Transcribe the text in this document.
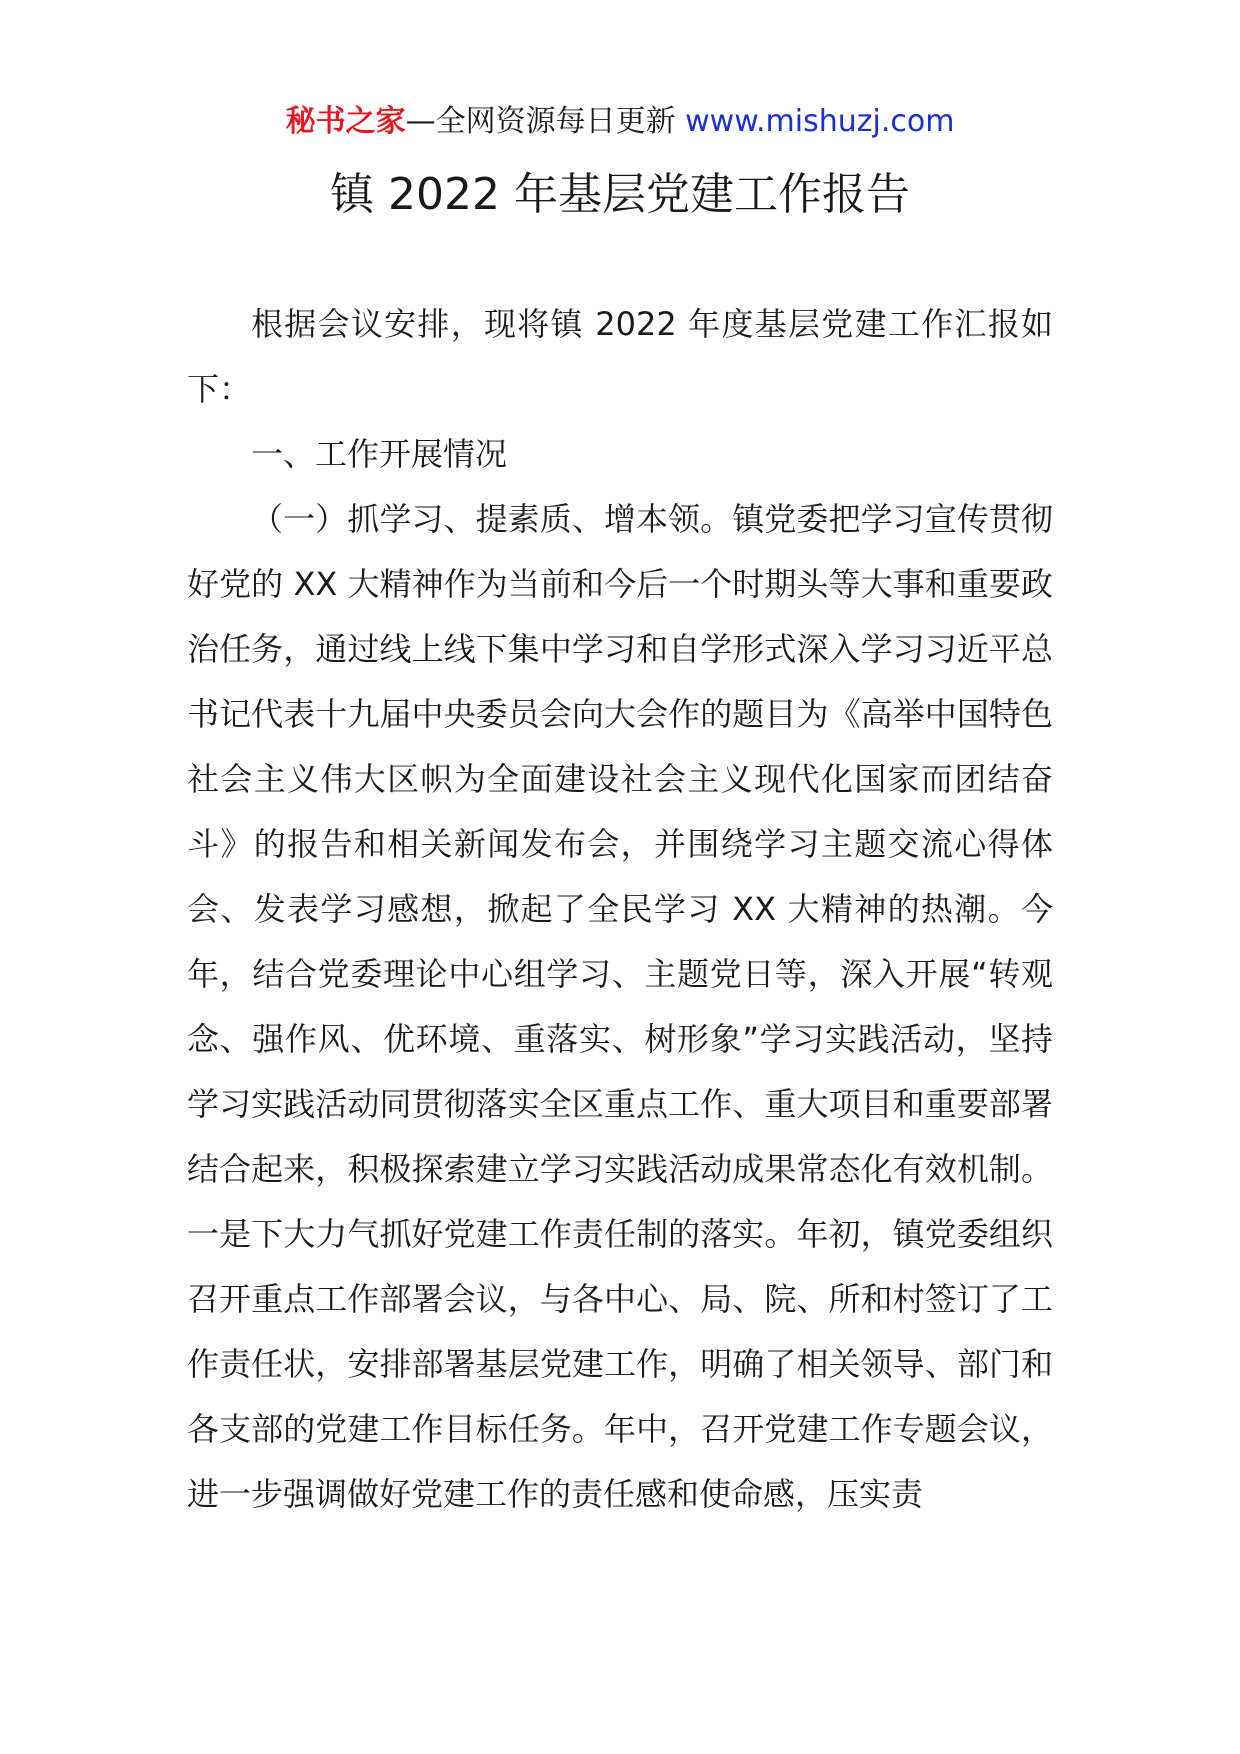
秘书之家—全网资源每日更新 www.mishuzj.com
镇 2022 年基层党建工作报告

根据会议安排，现将镇 2022 年度基层党建工作汇报如下：

一、工作开展情况

（一）抓学习、提素质、增本领。镇党委把学习宣传贯彻好党的 XX 大精神作为当前和今后一个时期头等大事和重要政治任务，通过线上线下集中学习和自学形式深入学习习近平总书记代表十九届中央委员会向大会作的题目为《高举中国特色社会主义伟大区帜为全面建设社会主义现代化国家而团结奋斗》的报告和相关新闻发布会，并围绕学习主题交流心得体会、发表学习感想，掀起了全民学习 XX 大精神的热潮。今年，结合党委理论中心组学习、主题党日等，深入开展“转观念、强作风、优环境、重落实、树形象”学习实践活动，坚持学习实践活动同贯彻落实全区重点工作、重大项目和重要部署结合起来，积极探索建立学习实践活动成果常态化有效机制。一是下大力气抓好党建工作责任制的落实。年初，镇党委组织召开重点工作部署会议，与各中心、局、院、所和村签订了工作责任状，安排部署基层党建工作，明确了相关领导、部门和各支部的党建工作目标任务。年中，召开党建工作专题会议，进一步强调做好党建工作的责任感和使命感，压实责
